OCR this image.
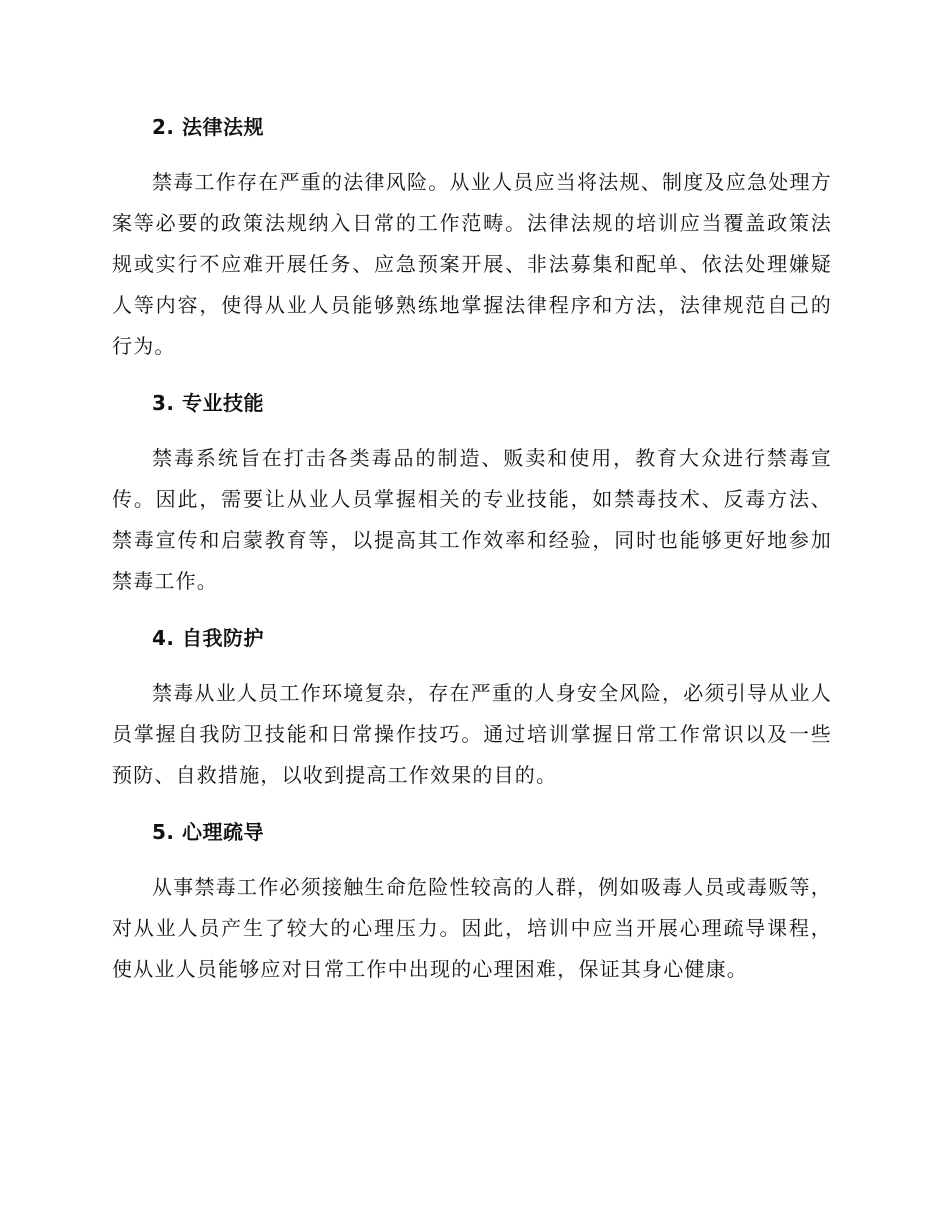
2. 法律法规

禁毒工作存在严重的法律风险。从业人员应当将法规、制度及应急处理方案等必要的政策法规纳入日常的工作范畴。法律法规的培训应当覆盖政策法规或实行不应难开展任务、应急预案开展、非法募集和配单、依法处理嫌疑人等内容，使得从业人员能够熟练地掌握法律程序和方法，法律规范自己的行为。

3. 专业技能

禁毒系统旨在打击各类毒品的制造、贩卖和使用，教育大众进行禁毒宣传。因此，需要让从业人员掌握相关的专业技能，如禁毒技术、反毒方法、禁毒宣传和启蒙教育等，以提高其工作效率和经验，同时也能够更好地参加禁毒工作。

4. 自我防护

禁毒从业人员工作环境复杂，存在严重的人身安全风险，必须引导从业人员掌握自我防卫技能和日常操作技巧。通过培训掌握日常工作常识以及一些预防、自救措施，以收到提高工作效果的目的。

5. 心理疏导

从事禁毒工作必须接触生命危险性较高的人群，例如吸毒人员或毒贩等，对从业人员产生了较大的心理压力。因此，培训中应当开展心理疏导课程，使从业人员能够应对日常工作中出现的心理困难，保证其身心健康。
